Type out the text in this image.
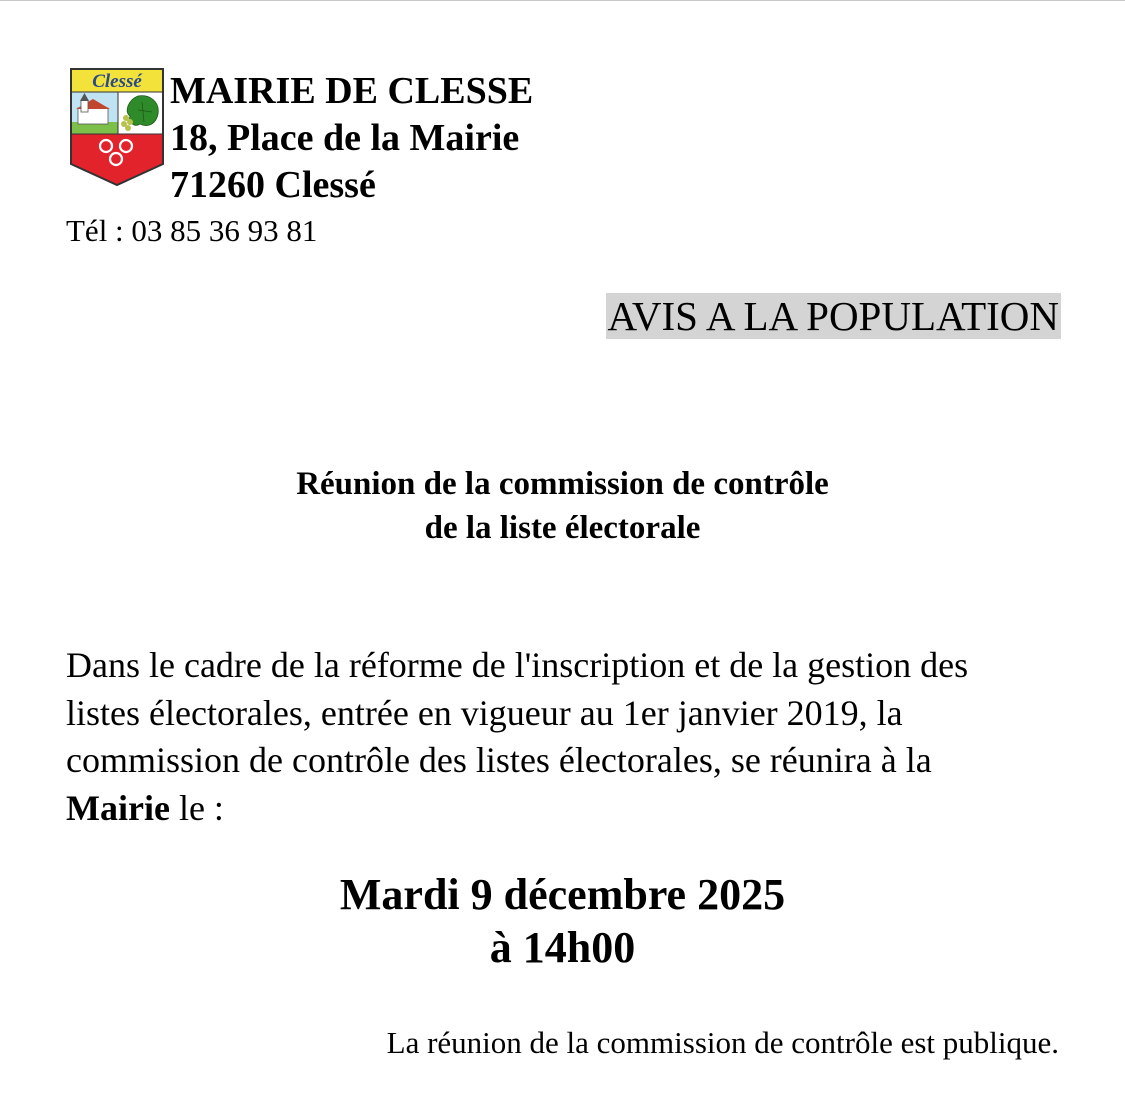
Clessé MAIRIE DE CLESSE
18, Place de la Mairie
71260 Clessé
Tél : 03 85 36 93 81
AVIS A LA POPULATION
Réunion de la commission de contrôle
de la liste électorale
Dans le cadre de la réforme de l'inscription et de la gestion des
listes électorales, entrée en vigueur au 1er janvier 2019, la
commission de contrôle des listes électorales, se réunira à la
Mairie le :
Mardi 9 décembre 2025
à 14h00
La réunion de la commission de contrôle est publique.
